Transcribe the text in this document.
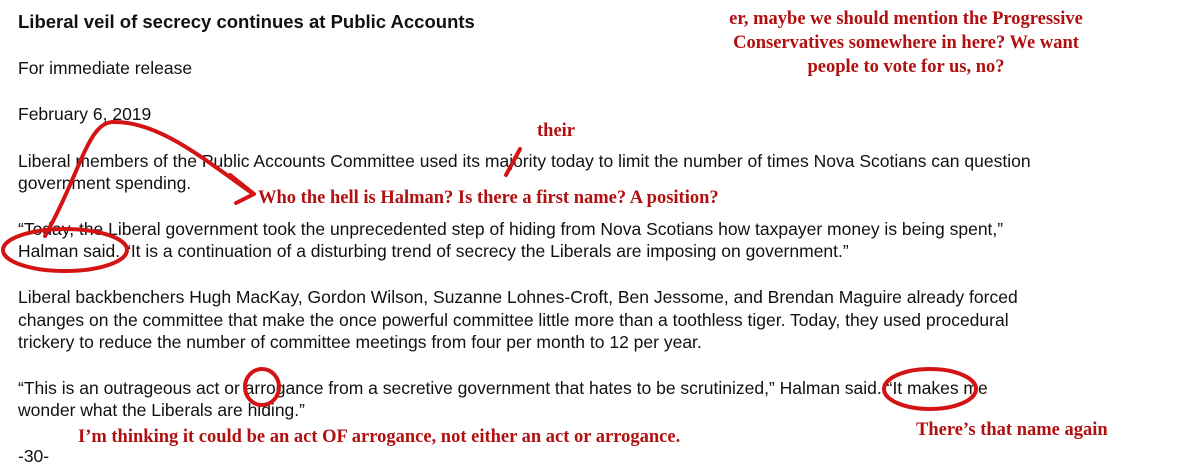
Liberal veil of secrecy continues at Public Accounts

For immediate release

February 6, 2019

Liberal members of the Public Accounts Committee used its majority today to limit the number of times Nova Scotians can question

government spending.

“Today, the Liberal government took the unprecedented step of hiding from Nova Scotians how taxpayer money is being spent,”

Halman said. “It is a continuation of a disturbing trend of secrecy the Liberals are imposing on government.”

Liberal backbenchers Hugh MacKay, Gordon Wilson, Suzanne Lohnes-Croft, Ben Jessome, and Brendan Maguire already forced

changes on the committee that make the once powerful committee little more than a toothless tiger. Today, they used procedural

trickery to reduce the number of committee meetings from four per month to 12 per year.

“This is an outrageous act or arrogance from a secretive government that hates to be scrutinized,” Halman said. “It makes me

wonder what the Liberals are hiding.”

-30-

er, maybe we should mention the Progressive
Conservatives somewhere in here? We want
people to vote for us, no?

their

Who the hell is Halman? Is there a first name? A position?

I’m thinking it could be an act OF arrogance, not either an act or arrogance.	There’s that name again
